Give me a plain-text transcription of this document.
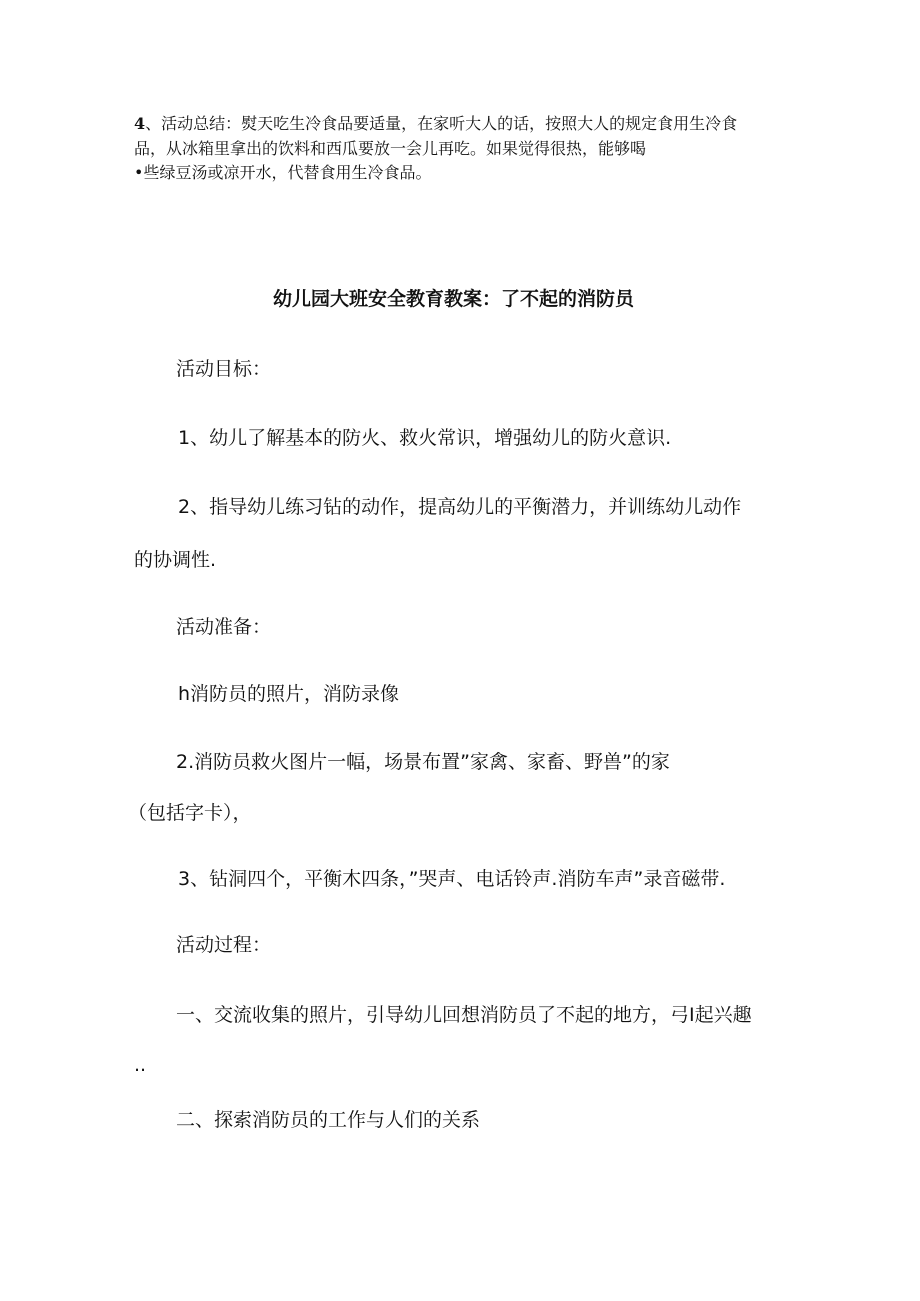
4、活动总结：熨天吃生冷食品要适量，在家听大人的话，按照大人的规定食用生冷食

品，从冰箱里拿出的饮料和西瓜要放一会儿再吃。如果觉得很热，能够喝

•些绿豆汤或凉开水，代替食用生冷食品。

幼儿园大班安全教育教案：了不起的消防员

活动目标：

1、幼儿了解基本的防火、救火常识，增强幼儿的防火意识.

2、指导幼儿练习钻的动作，提高幼儿的平衡潜力，并训练幼儿动作

的协调性.

活动准备：

h消防员的照片，消防录像

2.消防员救火图片一幅，场景布置”家禽、家畜、野兽”的家

（包括字卡），

3、钻洞四个，平衡木四条，”哭声、电话铃声.消防车声”录音磁带.

活动过程：

一、交流收集的照片，引导幼儿回想消防员了不起的地方，弓I起兴趣

..

二、探索消防员的工作与人们的关系
